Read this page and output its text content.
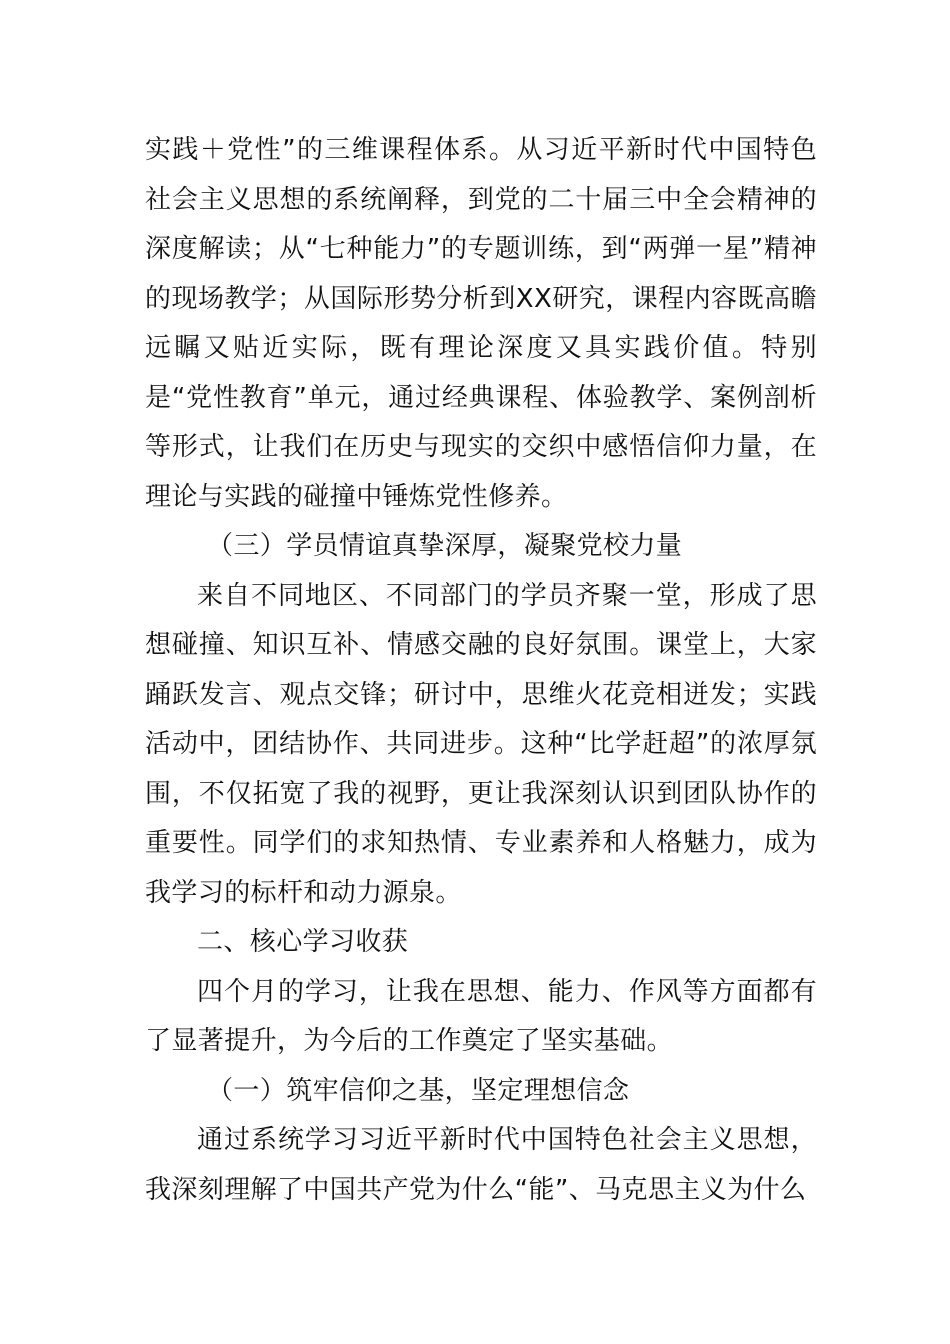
实践＋党性”的三维课程体系。从习近平新时代中国特色社会主义思想的系统阐释，到党的二十届三中全会精神的深度解读；从“七种能力”的专题训练，到“两弹一星”精神的现场教学；从国际形势分析到XX研究，课程内容既高瞻远瞩又贴近实际，既有理论深度又具实践价值。特别是“党性教育”单元，通过经典课程、体验教学、案例剖析等形式，让我们在历史与现实的交织中感悟信仰力量，在理论与实践的碰撞中锤炼党性修养。

（三）学员情谊真挚深厚，凝聚党校力量

来自不同地区、不同部门的学员齐聚一堂，形成了思想碰撞、知识互补、情感交融的良好氛围。课堂上，大家踊跃发言、观点交锋；研讨中，思维火花竞相迸发；实践活动中，团结协作、共同进步。这种“比学赶超”的浓厚氛围，不仅拓宽了我的视野，更让我深刻认识到团队协作的重要性。同学们的求知热情、专业素养和人格魅力，成为我学习的标杆和动力源泉。

二、核心学习收获

四个月的学习，让我在思想、能力、作风等方面都有了显著提升，为今后的工作奠定了坚实基础。

（一）筑牢信仰之基，坚定理想信念

通过系统学习习近平新时代中国特色社会主义思想，我深刻理解了中国共产党为什么“能”、马克思主义为什么
